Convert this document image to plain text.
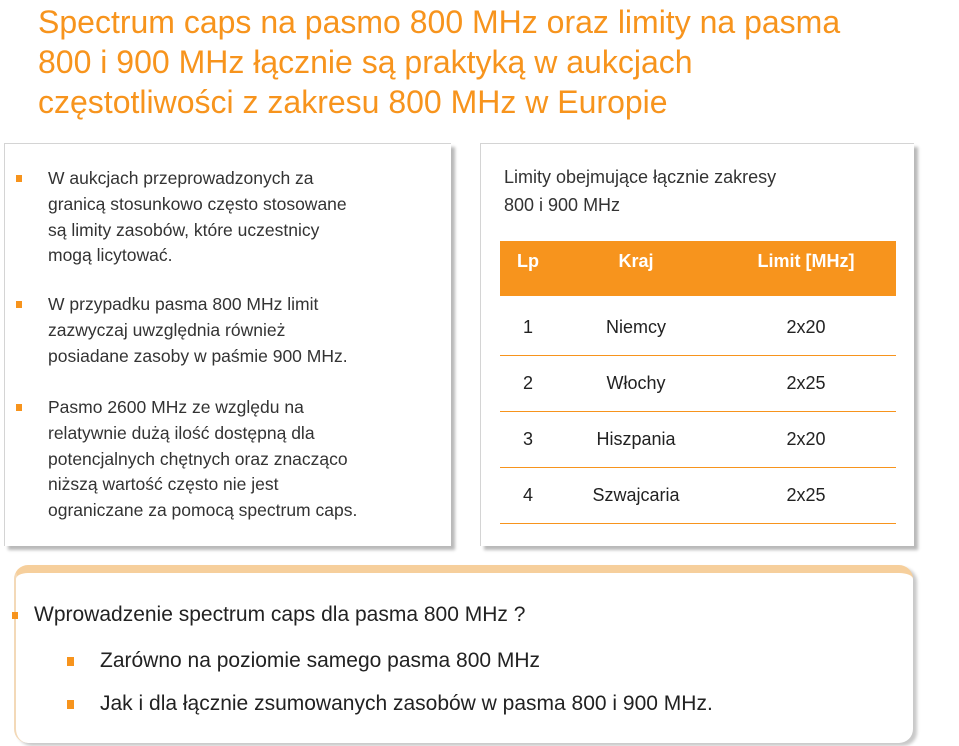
Spectrum caps na pasmo 800 MHz oraz limity na pasma
800 i 900 MHz łącznie są praktyką w aukcjach
częstotliwości z zakresu 800 MHz w Europie
W aukcjach przeprowadzonych za
granicą stosunkowo często stosowane
są limity zasobów, które uczestnicy
mogą licytować.
W przypadku pasma 800 MHz limit
zazwyczaj uwzględnia również
posiadane zasoby w paśmie 900 MHz.
Pasmo 2600 MHz ze względu na
relatywnie dużą ilość dostępną dla
potencjalnych chętnych oraz znacząco
niższą wartość często nie jest
ograniczane za pomocą spectrum caps.
Limity obejmujące łącznie zakresy
800 i 900 MHz
Lp	Kraj	Limit [MHz]
1	Niemcy	2x20
2	Włochy	2x25
3	Hiszpania	2x20
4	Szwajcaria	2x25
Wprowadzenie spectrum caps dla pasma 800 MHz ?
Zarówno na poziomie samego pasma 800 MHz
Jak i dla łącznie zsumowanych zasobów w pasma 800 i 900 MHz.
